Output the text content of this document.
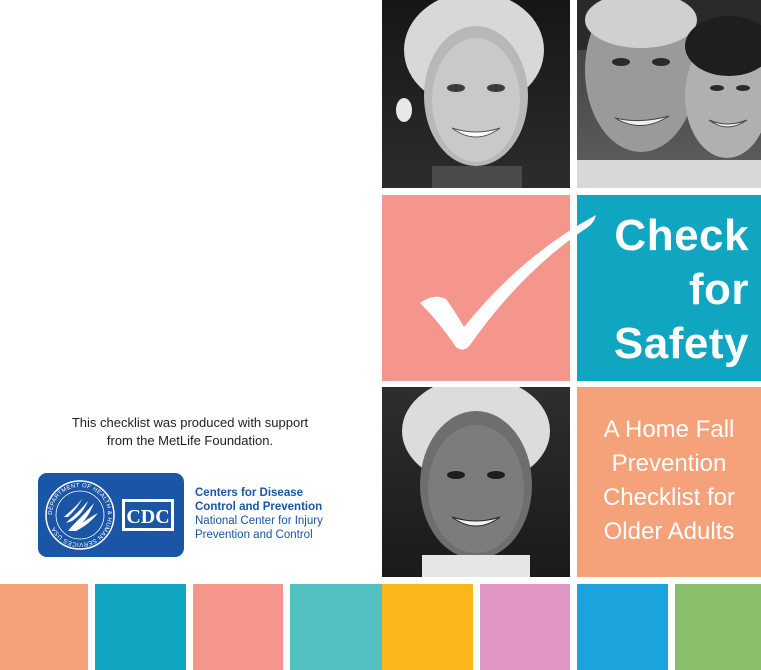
This checklist was produced with support
from the MetLife Foundation.
DEPARTMENT OF HEALTH & HUMAN SERVICES USA
CDC
Centers for Disease
Control and Prevention
National Center for Injury
Prevention and Control
Check
for
Safety
A Home Fall
Prevention
Checklist for
Older Adults
